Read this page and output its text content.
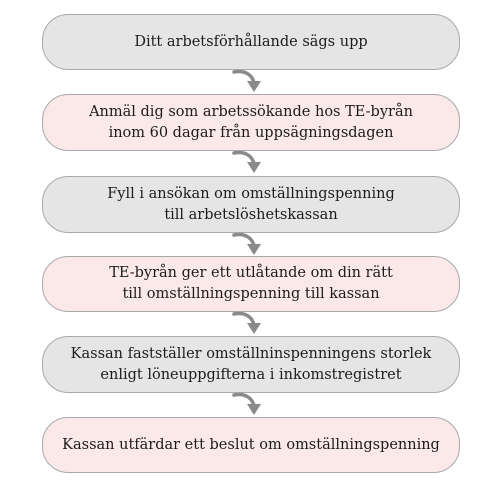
Ditt arbetsförhållande sägs upp
Anmäl dig som arbetssökande hos TE-byrån
inom 60 dagar från uppsägningsdagen
Fyll i ansökan om omställningspenning
till arbetslöshetskassan
TE-byrån ger ett utlåtande om din rätt
till omställningspenning till kassan
Kassan fastställer omställninspenningens storlek
enligt löneuppgifterna i inkomstregistret
Kassan utfärdar ett beslut om omställningspenning
